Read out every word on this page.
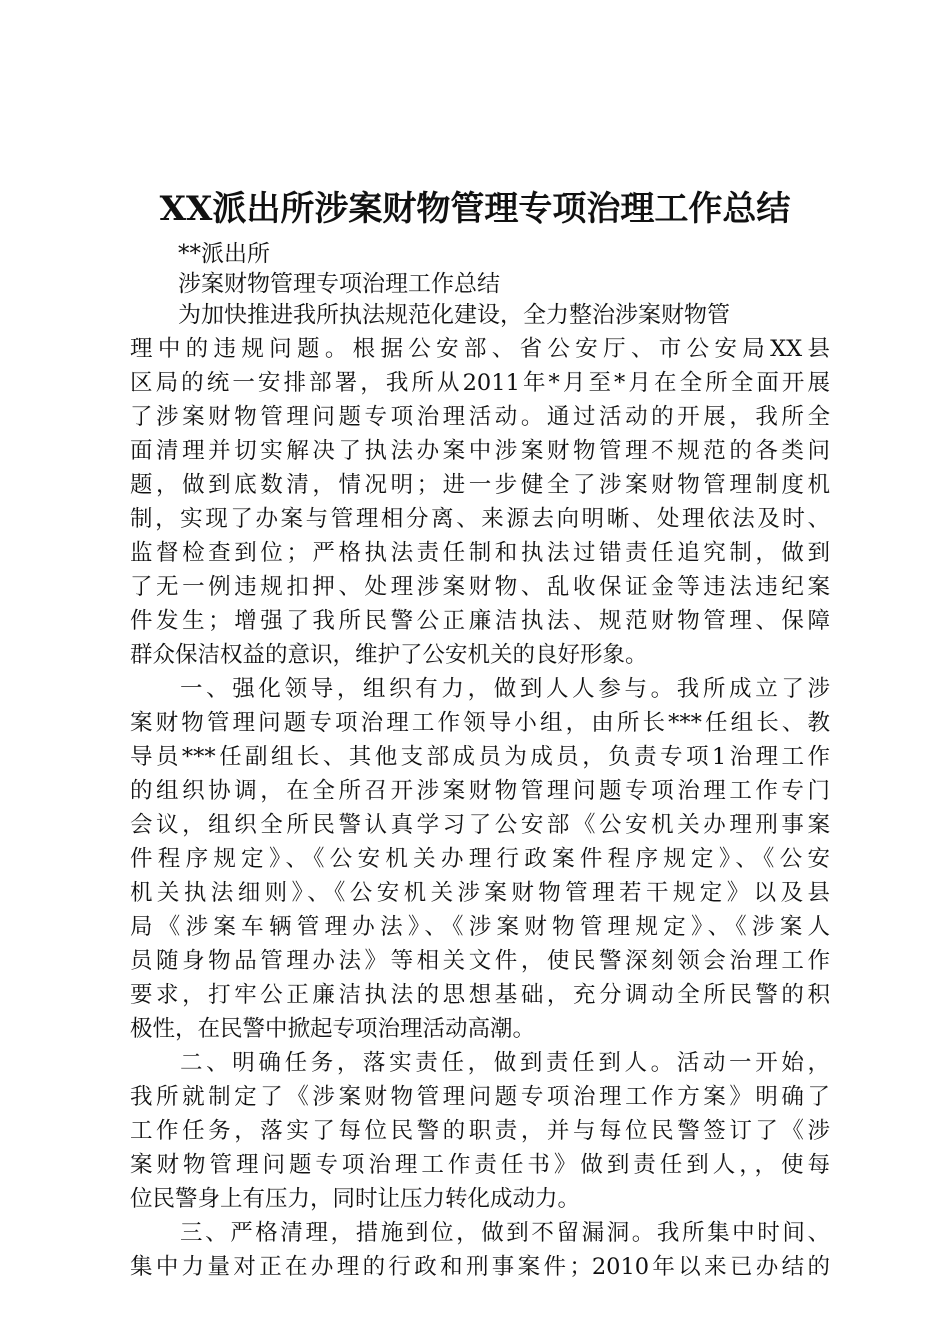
XX派出所涉案财物管理专项治理工作总结
**派出所
涉案财物管理专项治理工作总结
为加快推进我所执法规范化建设，全力整治涉案财物管
理中的违规问题。根据公安部、省公安厅、市公安局XX县
区局的统一安排部署，我所从2011年*月至*月在全所全面开展
了涉案财物管理问题专项治理活动。通过活动的开展，我所全
面清理并切实解决了执法办案中涉案财物管理不规范的各类问
题，做到底数清，情况明；进一步健全了涉案财物管理制度机
制，实现了办案与管理相分离、来源去向明晰、处理依法及时、
监督检查到位；严格执法责任制和执法过错责任追究制，做到
了无一例违规扣押、处理涉案财物、乱收保证金等违法违纪案
件发生；增强了我所民警公正廉洁执法、规范财物管理、保障
群众保洁权益的意识，维护了公安机关的良好形象。
一、强化领导，组织有力，做到人人参与。我所成立了涉
案财物管理问题专项治理工作领导小组，由所长***任组长、教
导员***任副组长、其他支部成员为成员，负责专项1治理工作
的组织协调，在全所召开涉案财物管理问题专项治理工作专门
会议，组织全所民警认真学习了公安部《公安机关办理刑事案
件程序规定》、《公安机关办理行政案件程序规定》、《公安
机关执法细则》、《公安机关涉案财物管理若干规定》以及县
局《涉案车辆管理办法》、《涉案财物管理规定》、《涉案人
员随身物品管理办法》等相关文件，使民警深刻领会治理工作
要求，打牢公正廉洁执法的思想基础，充分调动全所民警的积
极性，在民警中掀起专项治理活动高潮。
二、明确任务，落实责任，做到责任到人。活动一开始，
我所就制定了《涉案财物管理问题专项治理工作方案》明确了
工作任务，落实了每位民警的职责，并与每位民警签订了《涉
案财物管理问题专项治理工作责任书》做到责任到人，，使每
位民警身上有压力，同时让压力转化成动力。
三、严格清理，措施到位，做到不留漏洞。我所集中时间、
集中力量对正在办理的行政和刑事案件；2010年以来已办结的
